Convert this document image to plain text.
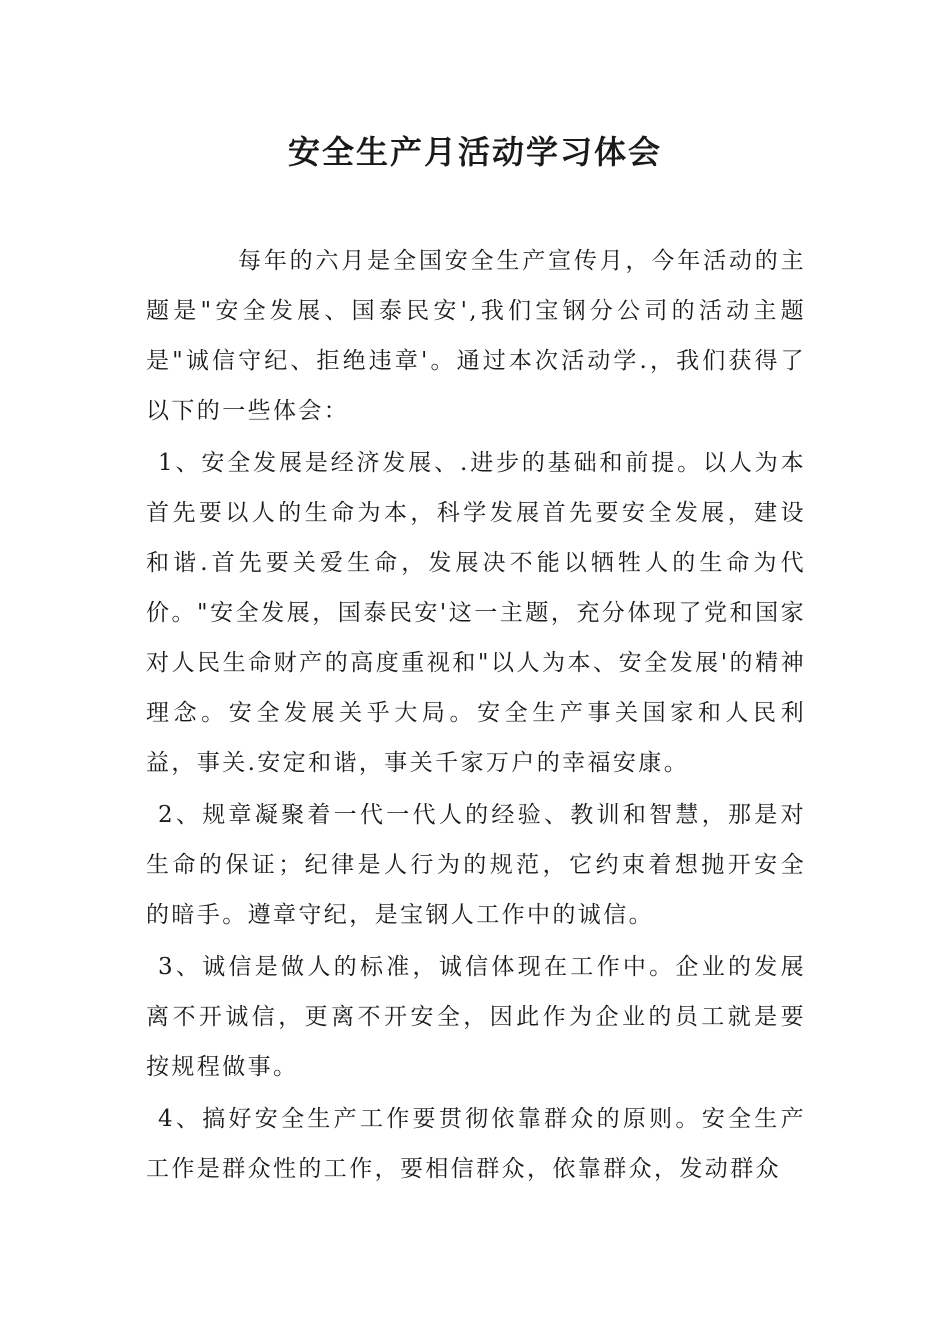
安全生产月活动学习体会

每年的六月是全国安全生产宣传月，今年活动的主题是"安全发展、国泰民安',我们宝钢分公司的活动主题是"诚信守纪、拒绝违章'。通过本次活动学.，我们获得了以下的一些体会：

1、安全发展是经济发展、.进步的基础和前提。以人为本首先要以人的生命为本，科学发展首先要安全发展，建设和谐.首先要关爱生命，发展决不能以牺牲人的生命为代价。"安全发展，国泰民安'这一主题，充分体现了党和国家对人民生命财产的高度重视和"以人为本、安全发展'的精神理念。安全发展关乎大局。安全生产事关国家和人民利益，事关.安定和谐，事关千家万户的幸福安康。

2、规章凝聚着一代一代人的经验、教训和智慧，那是对生命的保证；纪律是人行为的规范，它约束着想抛开安全的暗手。遵章守纪，是宝钢人工作中的诚信。

3、诚信是做人的标准，诚信体现在工作中。企业的发展离不开诚信，更离不开安全，因此作为企业的员工就是要按规程做事。

4、搞好安全生产工作要贯彻依靠群众的原则。安全生产工作是群众性的工作，要相信群众，依靠群众，发动群众
